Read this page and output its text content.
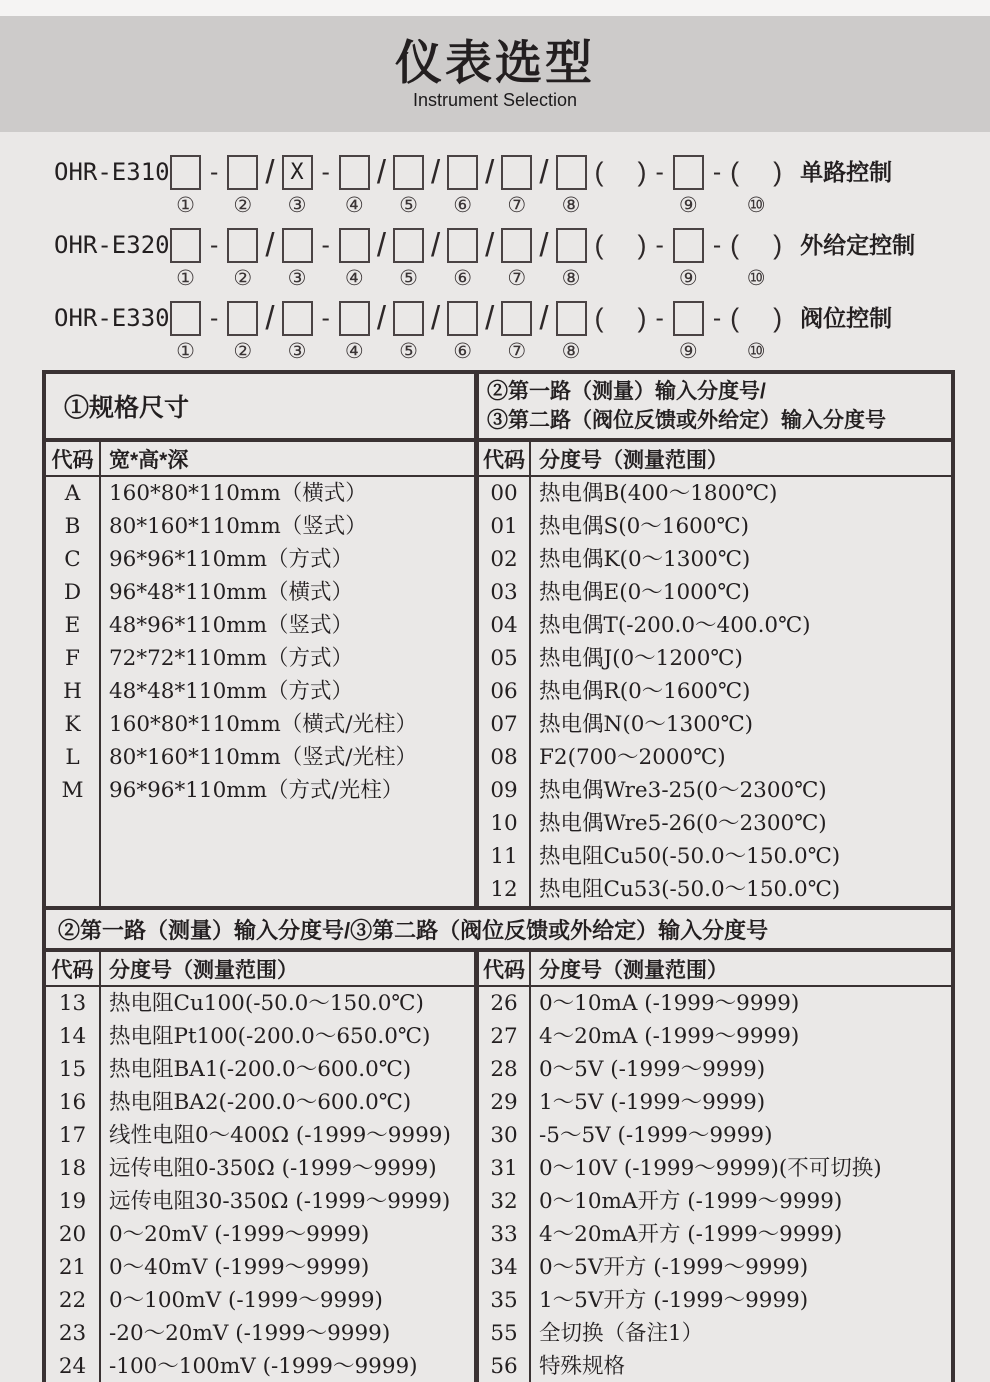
仪表选型
Instrument Selection
OHR-E310
①
-
②
/ X
③
-
④
/
⑤
/
⑥
/
⑦
/
⑧
( ) -
⑨
- (
⑩
) 单路控制
OHR-E320
①
-
②
/
③
-
④
/
⑤
/
⑥
/
⑦
/
⑧
( ) -
⑨
- (
⑩
) 外给定控制
OHR-E330
①
-
②
/
③
-
④
/
⑤
/
⑥
/
⑦
/
⑧
( ) -
⑨
- (
⑩
) 阀位控制
①规格尺寸
②第一路（测量）输入分度号/
③第二路（阀位反馈或外给定）输入分度号
代码 宽*高*深	代码 分度号（测量范围）
A
B
C
D
E
F
H
K
L
M
160*80*110mm（横式）
80*160*110mm（竖式）
96*96*110mm（方式）
96*48*110mm（横式）
48*96*110mm（竖式）
72*72*110mm（方式）
48*48*110mm（方式）
160*80*110mm（横式/光柱）
80*160*110mm（竖式/光柱）
96*96*110mm（方式/光柱）
00
01
02
03
04
05
06
07
08
09
10
11
12
热电偶B(400～1800℃)
热电偶S(0～1600℃)
热电偶K(0～1300℃)
热电偶E(0～1000℃)
热电偶T(-200.0～400.0℃)
热电偶J(0～1200℃)
热电偶R(0～1600℃)
热电偶N(0～1300℃)
F2(700～2000℃)
热电偶Wre3-25(0～2300℃)
热电偶Wre5-26(0～2300℃)
热电阻Cu50(-50.0～150.0℃)
热电阻Cu53(-50.0～150.0℃)
②第一路（测量）输入分度号/③第二路（阀位反馈或外给定）输入分度号
代码 分度号（测量范围）	代码 分度号（测量范围）
13
14
15
16
17
18
19
20
21
22
23
24
热电阻Cu100(-50.0～150.0℃)
热电阻Pt100(-200.0～650.0℃)
热电阻BA1(-200.0～600.0℃)
热电阻BA2(-200.0～600.0℃)
线性电阻0～400Ω (-1999～9999)
远传电阻0-350Ω (-1999～9999)
远传电阻30-350Ω (-1999～9999)
0～20mV (-1999～9999)
0～40mV (-1999～9999)
0～100mV (-1999～9999)
-20～20mV (-1999～9999)
-100～100mV (-1999～9999)
26
27
28
29
30
31
32
33
34
35
55
56
0～10mA (-1999～9999)
4～20mA (-1999～9999)
0～5V (-1999～9999)
1～5V (-1999～9999)
-5～5V (-1999～9999)
0～10V (-1999～9999)(不可切换)
0～10mA开方 (-1999～9999)
4～20mA开方 (-1999～9999)
0～5V开方 (-1999～9999)
1～5V开方 (-1999～9999)
全切换（备注1）
特殊规格
